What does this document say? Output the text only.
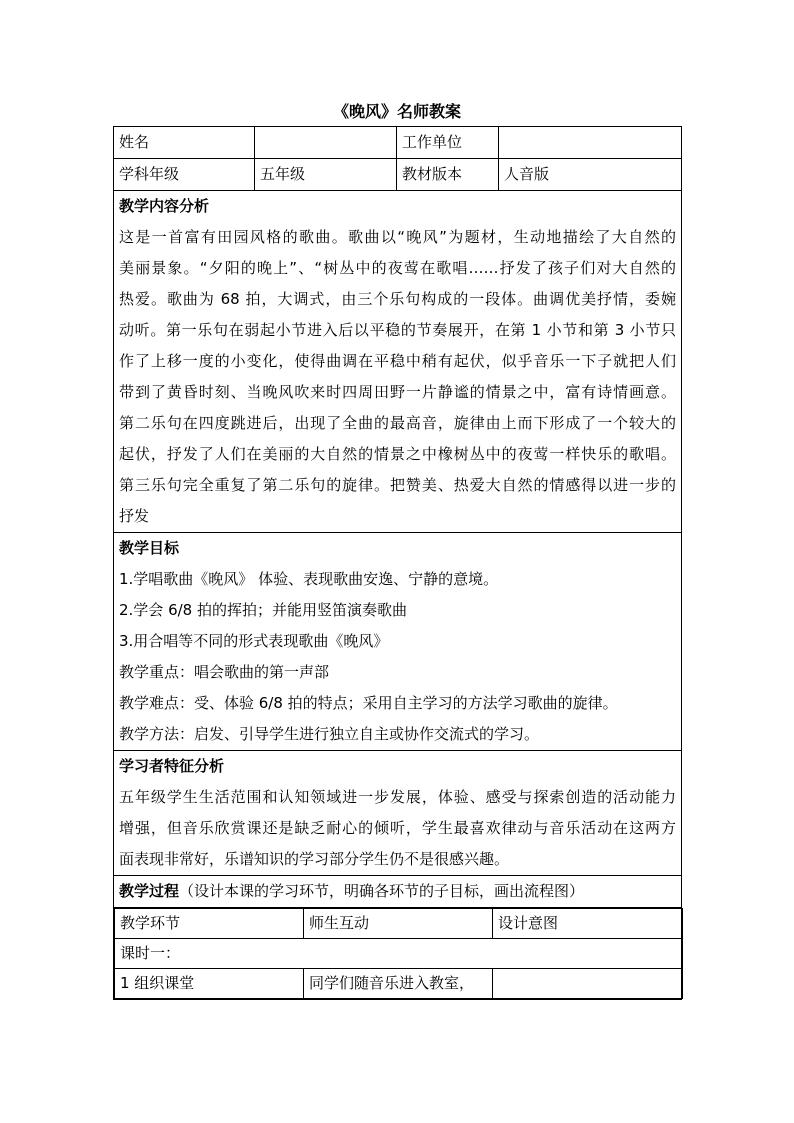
《晚风》名师教案
姓名		工作单位	
学科年级	五年级	教材版本	人音版

教学内容分析
这是一首富有田园风格的歌曲。歌曲以“晚风”为题材，生动地描绘了大自然的
美丽景象。“夕阳的晚上”、“树丛中的夜莺在歌唱……抒发了孩子们对大自然的
热爱。歌曲为 68 拍，大调式，由三个乐句构成的一段体。曲调优美抒情，委婉
动听。第一乐句在弱起小节进入后以平稳的节奏展开，在第 1 小节和第 3 小节只
作了上移一度的小变化，使得曲调在平稳中稍有起伏，似乎音乐一下子就把人们
带到了黄昏时刻、当晚风吹来时四周田野一片静谧的情景之中，富有诗情画意。
第二乐句在四度跳进后，出现了全曲的最高音，旋律由上而下形成了一个较大的
起伏，抒发了人们在美丽的大自然的情景之中橡树丛中的夜莺一样快乐的歌唱。
第三乐句完全重复了第二乐句的旋律。把赞美、热爱大自然的情感得以进一步的
抒发

教学目标
1.学唱歌曲《晚风》 体验、表现歌曲安逸、宁静的意境。
2.学会 6/8 拍的挥拍；并能用竖笛演奏歌曲
3.用合唱等不同的形式表现歌曲《晚风》
教学重点：唱会歌曲的第一声部
教学难点：受、体验 6/8 拍的特点；采用自主学习的方法学习歌曲的旋律。
教学方法：启发、引导学生进行独立自主或协作交流式的学习。

学习者特征分析
五年级学生生活范围和认知领域进一步发展，体验、感受与探索创造的活动能力
增强，但音乐欣赏课还是缺乏耐心的倾听，学生最喜欢律动与音乐活动在这两方
面表现非常好，乐谱知识的学习部分学生仍不是很感兴趣。

教学过程（设计本课的学习环节，明确各环节的子目标，画出流程图）

教学环节	师生互动	设计意图
课时一：
1 组织课堂	同学们随音乐进入教室，	
